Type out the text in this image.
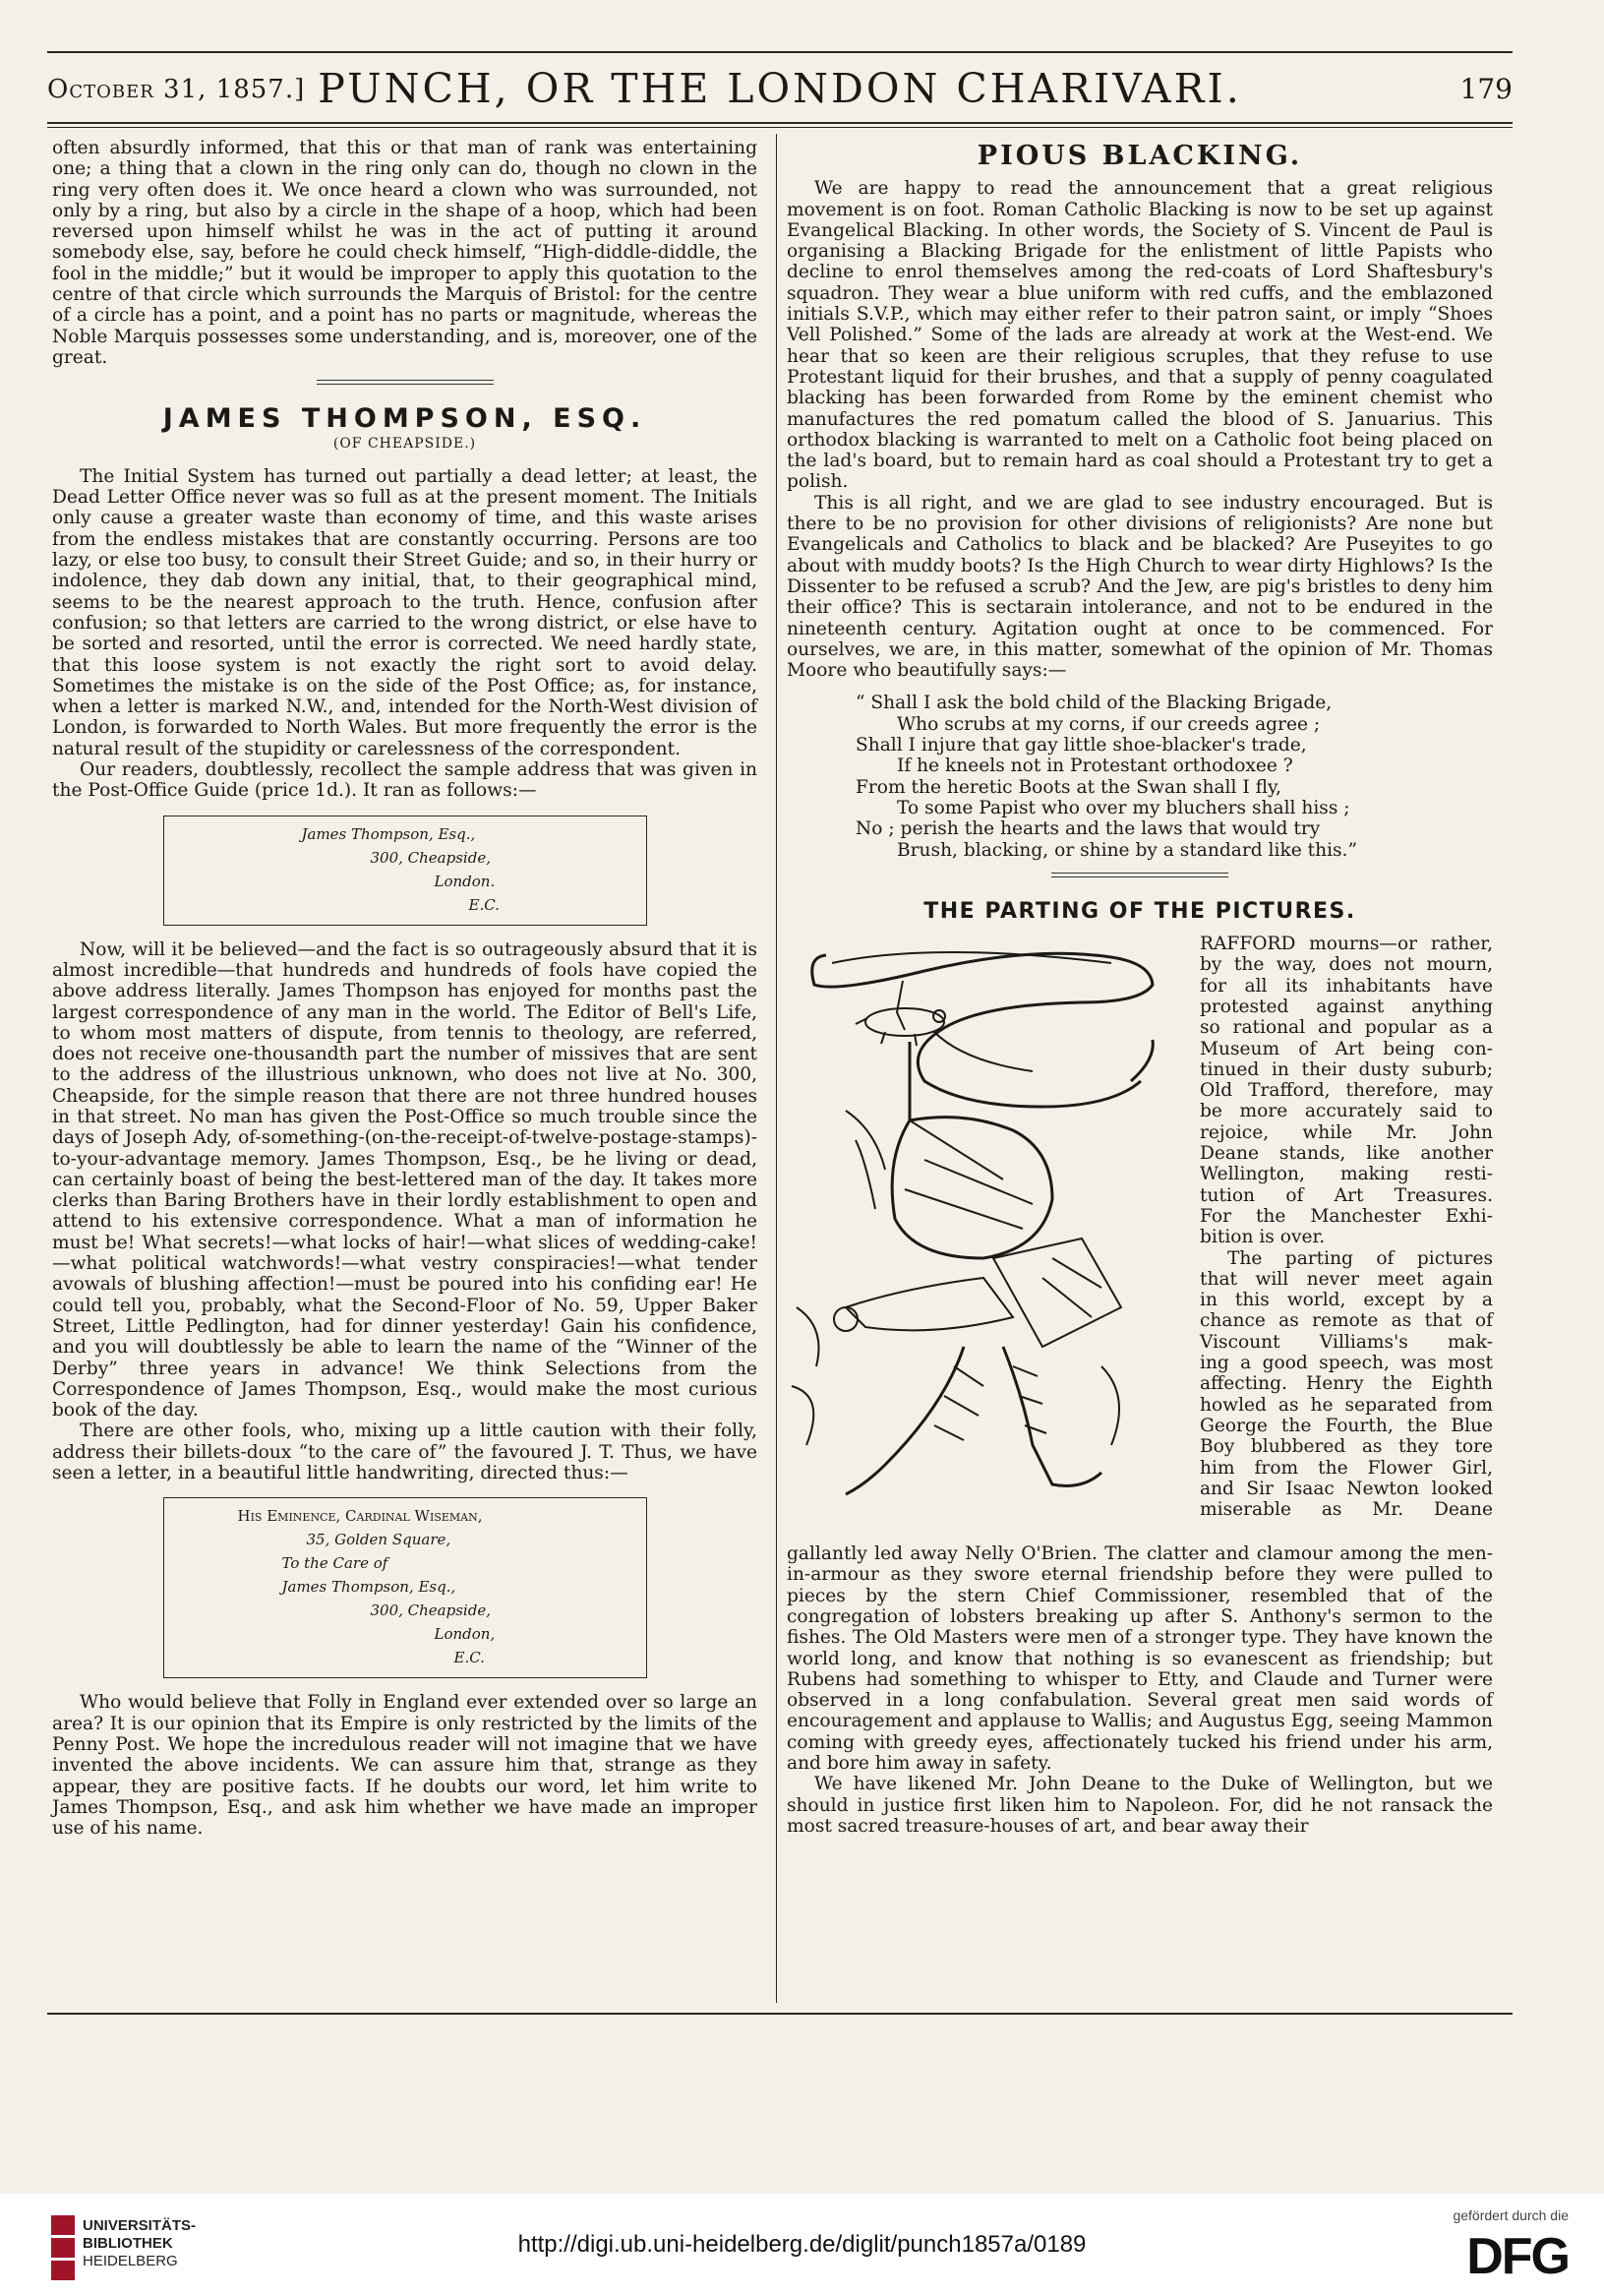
October 31, 1857.] PUNCH, OR THE LONDON CHARIVARI.	179

often absurdly informed, that this or that man of rank was entertaining one; a thing that a clown in the ring only can do, though no clown in the ring very often does it. We once heard a clown who was surrounded, not only by a ring, but also by a circle in the shape of a hoop, which had been reversed upon himself whilst he was in the act of putting it around somebody else, say, before he could check himself, “High-diddle-diddle, the fool in the middle;” but it would be improper to apply this quotation to the centre of that circle which surrounds the Marquis of Bristol: for the centre of a circle has a point, and a point has no parts or magnitude, whereas the Noble Marquis possesses some understanding, and is, moreover, one of the great.

JAMES THOMPSON, ESQ.
(OF CHEAPSIDE.)

The Initial System has turned out partially a dead letter; at least, the Dead Letter Office never was so full as at the present moment. The Initials only cause a greater waste than economy of time, and this waste arises from the endless mistakes that are constantly occurring. Persons are too lazy, or else too busy, to consult their Street Guide; and so, in their hurry or indolence, they dab down any initial, that, to their geographical mind, seems to be the nearest approach to the truth. Hence, confusion after confusion; so that letters are carried to the wrong district, or else have to be sorted and resorted, until the error is corrected. We need hardly state, that this loose system is not exactly the right sort to avoid delay. Sometimes the mistake is on the side of the Post Office; as, for instance, when a letter is marked N.W., and, intended for the North-West division of London, is forwarded to North Wales. But more frequently the error is the natural result of the stupidity or carelessness of the correspondent.

Our readers, doubtlessly, recollect the sample address that was given in the Post-Office Guide (price 1d.). It ran as follows:—

James Thompson, Esq.,
300, Cheapside,
London.
E.C.

Now, will it be believed—and the fact is so outrageously absurd that it is almost incredible—that hundreds and hundreds of fools have copied the above address literally. James Thompson has enjoyed for months past the largest correspondence of any man in the world. The Editor of Bell's Life, to whom most matters of dispute, from tennis to theology, are referred, does not receive one-thousandth part the number of missives that are sent to the address of the illustrious unknown, who does not live at No. 300, Cheapside, for the simple reason that there are not three hundred houses in that street. No man has given the Post-Office so much trouble since the days of Joseph Ady, of-something-(on-the-receipt-of-twelve-postage-stamps)-to-your-advantage memory. James Thompson, Esq., be he living or dead, can certainly boast of being the best-lettered man of the day. It takes more clerks than Baring Brothers have in their lordly establishment to open and attend to his extensive correspondence. What a man of information he must be! What secrets!—what locks of hair!—what slices of wedding-cake!—what political watchwords!—what vestry conspiracies!—what tender avowals of blushing affection!—must be poured into his confiding ear! He could tell you, probably, what the Second-Floor of No. 59, Upper Baker Street, Little Pedlington, had for dinner yesterday! Gain his confidence, and you will doubtlessly be able to learn the name of the “Winner of the Derby” three years in advance! We think Selections from the Correspondence of James Thompson, Esq., would make the most curious book of the day.

There are other fools, who, mixing up a little caution with their folly, address their billets-doux “to the care of” the favoured J. T. Thus, we have seen a letter, in a beautiful little handwriting, directed thus:—

His Eminence, Cardinal Wiseman,
35, Golden Square,
To the Care of
James Thompson, Esq.,
300, Cheapside,
London,
E.C.

Who would believe that Folly in England ever extended over so large an area? It is our opinion that its Empire is only restricted by the limits of the Penny Post. We hope the incredulous reader will not imagine that we have invented the above incidents. We can assure him that, strange as they appear, they are positive facts. If he doubts our word, let him write to James Thompson, Esq., and ask him whether we have made an improper use of his name.

PIOUS BLACKING.

We are happy to read the announcement that a great religious movement is on foot. Roman Catholic Blacking is now to be set up against Evangelical Blacking. In other words, the Society of S. Vincent de Paul is organising a Blacking Brigade for the enlistment of little Papists who decline to enrol themselves among the red-coats of Lord Shaftesbury's squadron. They wear a blue uniform with red cuffs, and the emblazoned initials S.V.P., which may either refer to their patron saint, or imply “Shoes Vell Polished.” Some of the lads are already at work at the West-end. We hear that so keen are their religious scruples, that they refuse to use Protestant liquid for their brushes, and that a supply of penny coagulated blacking has been forwarded from Rome by the eminent chemist who manufactures the red pomatum called the blood of S. Januarius. This orthodox blacking is warranted to melt on a Catholic foot being placed on the lad's board, but to remain hard as coal should a Protestant try to get a polish.

This is all right, and we are glad to see industry encouraged. But is there to be no provision for other divisions of religionists? Are none but Evangelicals and Catholics to black and be blacked? Are Puseyites to go about with muddy boots? Is the High Church to wear dirty Highlows? Is the Dissenter to be refused a scrub? And the Jew, are pig's bristles to deny him their office? This is sectarain intolerance, and not to be endured in the nineteenth century. Agitation ought at once to be commenced. For ourselves, we are, in this matter, somewhat of the opinion of Mr. Thomas Moore who beautifully says:—

“ Shall I ask the bold child of the Blacking Brigade,
Who scrubs at my corns, if our creeds agree ;
Shall I injure that gay little shoe-blacker's trade,
If he kneels not in Protestant orthodoxee ?
From the heretic Boots at the Swan shall I fly,
To some Papist who over my bluchers shall hiss ;
No ; perish the hearts and the laws that would try
Brush, blacking, or shine by a standard like this.”
THE PARTING OF THE PICTURES.
RAFFORD mourns—or rather,
by the way, does not mourn,
for all its inhabitants have
protested against anything
so rational and popular as a
Museum of Art being con-
tinued in their dusty suburb;
Old Trafford, therefore, may
be more accurately said to
rejoice, while Mr. John
Deane stands, like another
Wellington, making resti-
tution of Art Treasures.
For the Manchester Exhi-
bition is over.
The parting of pictures
that will never meet again
in this world, except by a
chance as remote as that of
Viscount Villiams's mak-
ing a good speech, was most
affecting. Henry the Eighth
howled as he separated from
George the Fourth, the Blue
Boy blubbered as they tore
him from the Flower Girl,
and Sir Isaac Newton looked
miserable as Mr. Deane

gallantly led away Nelly O'Brien. The clatter and clamour among the men-in-armour as they swore eternal friendship before they were pulled to pieces by the stern Chief Commissioner, resembled that of the congregation of lobsters breaking up after S. Anthony's sermon to the fishes. The Old Masters were men of a stronger type. They have known the world long, and know that nothing is so evanescent as friendship; but Rubens had something to whisper to Etty, and Claude and Turner were observed in a long confabulation. Several great men said words of encouragement and applause to Wallis; and Augustus Egg, seeing Mammon coming with greedy eyes, affectionately tucked his friend under his arm, and bore him away in safety.

We have likened Mr. John Deane to the Duke of Wellington, but we should in justice first liken him to Napoleon. For, did he not ransack the most sacred treasure-houses of art, and bear away their

UNIVERSITÄTS-
BIBLIOTHEK
HEIDELBERG
http://digi.ub.uni-heidelberg.de/diglit/punch1857a/0189
gefördert durch die
DFG
